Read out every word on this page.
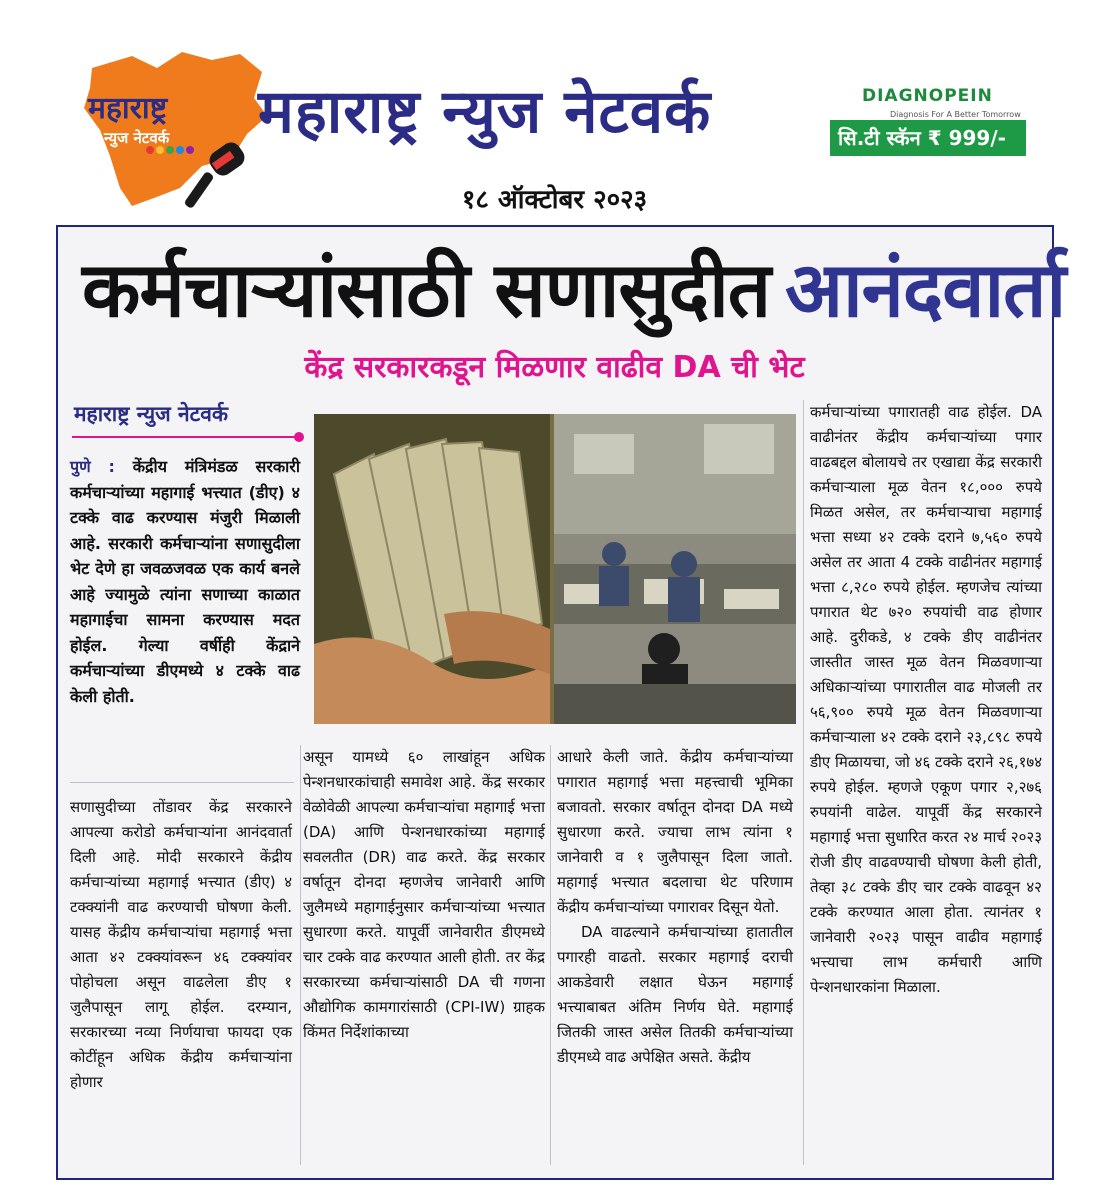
महाराष्ट्र
न्युज नेटवर्क महाराष्ट्र न्युज नेटवर्क
१८ ऑक्टोबर २०२३
DIAGNOPEIN
Diagnosis For A Better Tomorrow
सि.टी स्कॅन ₹ 999/-
कर्मचाऱ्यांसाठी सणासुदीत आनंदवार्ता
केंद्र सरकारकडून मिळणार वाढीव DA ची भेट
महाराष्ट्र न्युज नेटवर्क
पुणे : केंद्रीय मंत्रिमंडळ सरकारी कर्मचाऱ्यांच्या महागाई भत्त्यात (डीए) ४ टक्के वाढ करण्यास मंजुरी मिळाली आहे. सरकारी कर्मचाऱ्यांना सणासुदीला भेट देणे हा जवळजवळ एक कार्य बनले आहे ज्यामुळे त्यांना सणाच्या काळात महागाईचा सामना करण्यास मदत होईल. गेल्या वर्षीही केंद्राने कर्मचाऱ्यांच्या डीएमध्ये ४ टक्के वाढ केली होती.
सणासुदीच्या तोंडावर केंद्र सरकारने आपल्या करोडो कर्मचाऱ्यांना आनंदवार्ता दिली आहे. मोदी सरकारने केंद्रीय कर्मचाऱ्यांच्या महागाई भत्त्यात (डीए) ४ टक्क्यांनी वाढ करण्याची घोषणा केली. यासह केंद्रीय कर्मचाऱ्यांचा महागाई भत्ता आता ४२ टक्क्यांवरून ४६ टक्क्यांवर पोहोचला असून वाढलेला डीए १ जुलैपासून लागू होईल. दरम्यान, सरकारच्या नव्या निर्णयाचा फायदा एक कोटींहून अधिक केंद्रीय कर्मचाऱ्यांना होणार
असून यामध्ये ६० लाखांहून अधिक पेन्शनधारकांचाही समावेश आहे. केंद्र सरकार वेळोवेळी आपल्या कर्मचाऱ्यांचा महागाई भत्ता (DA) आणि पेन्शनधारकांच्या महागाई सवलतीत (DR) वाढ करते. केंद्र सरकार वर्षातून दोनदा म्हणजेच जानेवारी आणि जुलैमध्ये महागाईनुसार कर्मचाऱ्यांच्या भत्त्यात सुधारणा करते. यापूर्वी जानेवारीत डीएमध्ये चार टक्के वाढ करण्यात आली होती. तर केंद्र सरकारच्या कर्मचाऱ्यांसाठी DA ची गणना औद्योगिक कामगारांसाठी (CPI-IW) ग्राहक किंमत निर्देशांकाच्या
आधारे केली जाते. केंद्रीय कर्मचाऱ्यांच्या पगारात महागाई भत्ता महत्त्वाची भूमिका बजावतो. सरकार वर्षातून दोनदा DA मध्ये सुधारणा करते. ज्याचा लाभ त्यांना १ जानेवारी व १ जुलैपासून दिला जातो. महागाई भत्त्यात बदलाचा थेट परिणाम केंद्रीय कर्मचाऱ्यांच्या पगारावर दिसून येतो.
DA वाढल्याने कर्मचाऱ्यांच्या हातातील पगारही वाढतो. सरकार महागाई दराची आकडेवारी लक्षात घेऊन महागाई भत्त्याबाबत अंतिम निर्णय घेते. महागाई जितकी जास्त असेल तितकी कर्मचाऱ्यांच्या डीएमध्ये वाढ अपेक्षित असते. केंद्रीय
कर्मचाऱ्यांच्या पगारातही वाढ होईल. DA वाढीनंतर केंद्रीय कर्मचाऱ्यांच्या पगार वाढबद्दल बोलायचे तर एखाद्या केंद्र सरकारी कर्मचाऱ्याला मूळ वेतन १८,००० रुपये मिळत असेल, तर कर्मचाऱ्याचा महागाई भत्ता सध्या ४२ टक्के दराने ७,५६० रुपये असेल तर आता 4 टक्के वाढीनंतर महागाई भत्ता ८,२८० रुपये होईल. म्हणजेच त्यांच्या पगारात थेट ७२० रुपयांची वाढ होणार आहे. दुरीकडे, ४ टक्के डीए वाढीनंतर जास्तीत जास्त मूळ वेतन मिळवणाऱ्या अधिकाऱ्यांच्या पगारातील वाढ मोजली तर ५६,९०० रुपये मूळ वेतन मिळवणाऱ्या कर्मचाऱ्याला ४२ टक्के दराने २३,८९८ रुपये डीए मिळायचा, जो ४६ टक्के दराने २६,१७४ रुपये होईल. म्हणजे एकूण पगार २,२७६ रुपयांनी वाढेल. यापूर्वी केंद्र सरकारने महागाई भत्ता सुधारित करत २४ मार्च २०२३ रोजी डीए वाढवण्याची घोषणा केली होती, तेव्हा ३८ टक्के डीए चार टक्के वाढवून ४२ टक्के करण्यात आला होता. त्यानंतर १ जानेवारी २०२३ पासून वाढीव महागाई भत्त्याचा लाभ कर्मचारी आणि पेन्शनधारकांना मिळाला.
